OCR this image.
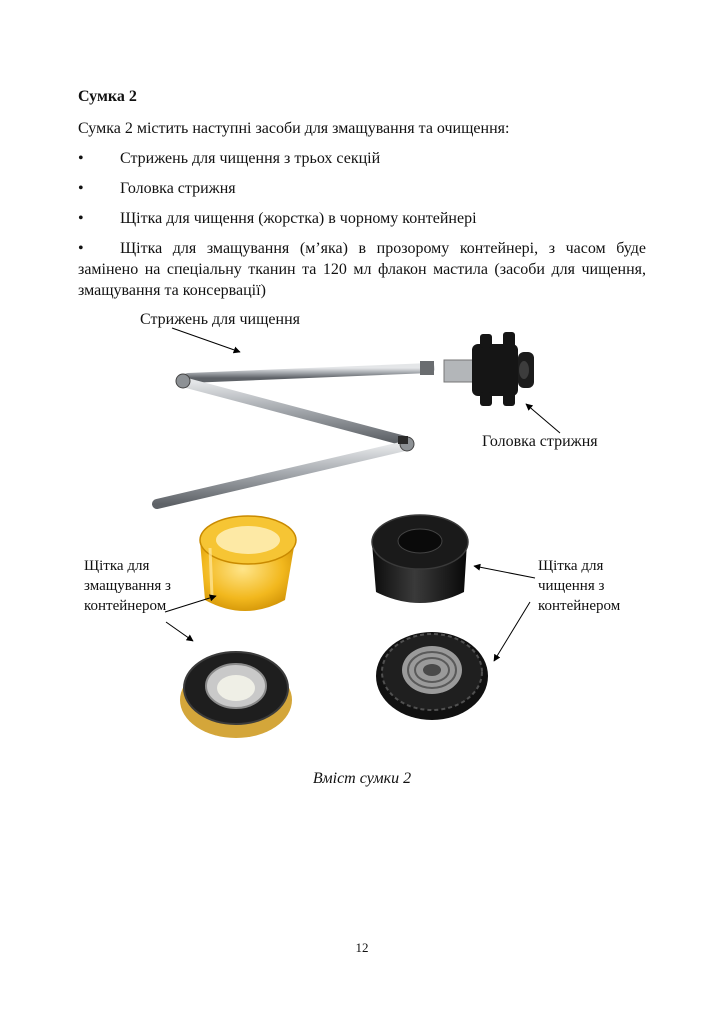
Сумка 2
Сумка 2 містить наступні засоби для змащування та очищення:
• Стрижень для чищення з трьох секцій
• Головка стрижня
• Щітка для чищення (жорстка) в чорному контейнері
• Щітка для змащування (м’яка) в прозорому контейнері, з часом буде замінено на спеціальну тканин та 120 мл флакон мастила (засоби для чищення, змащування та консервації)
Стрижень для чищення
Головка стрижня
Щітка для
змащування з
контейнером
Щітка для
чищення з
контейнером
Вміст сумки 2
12
